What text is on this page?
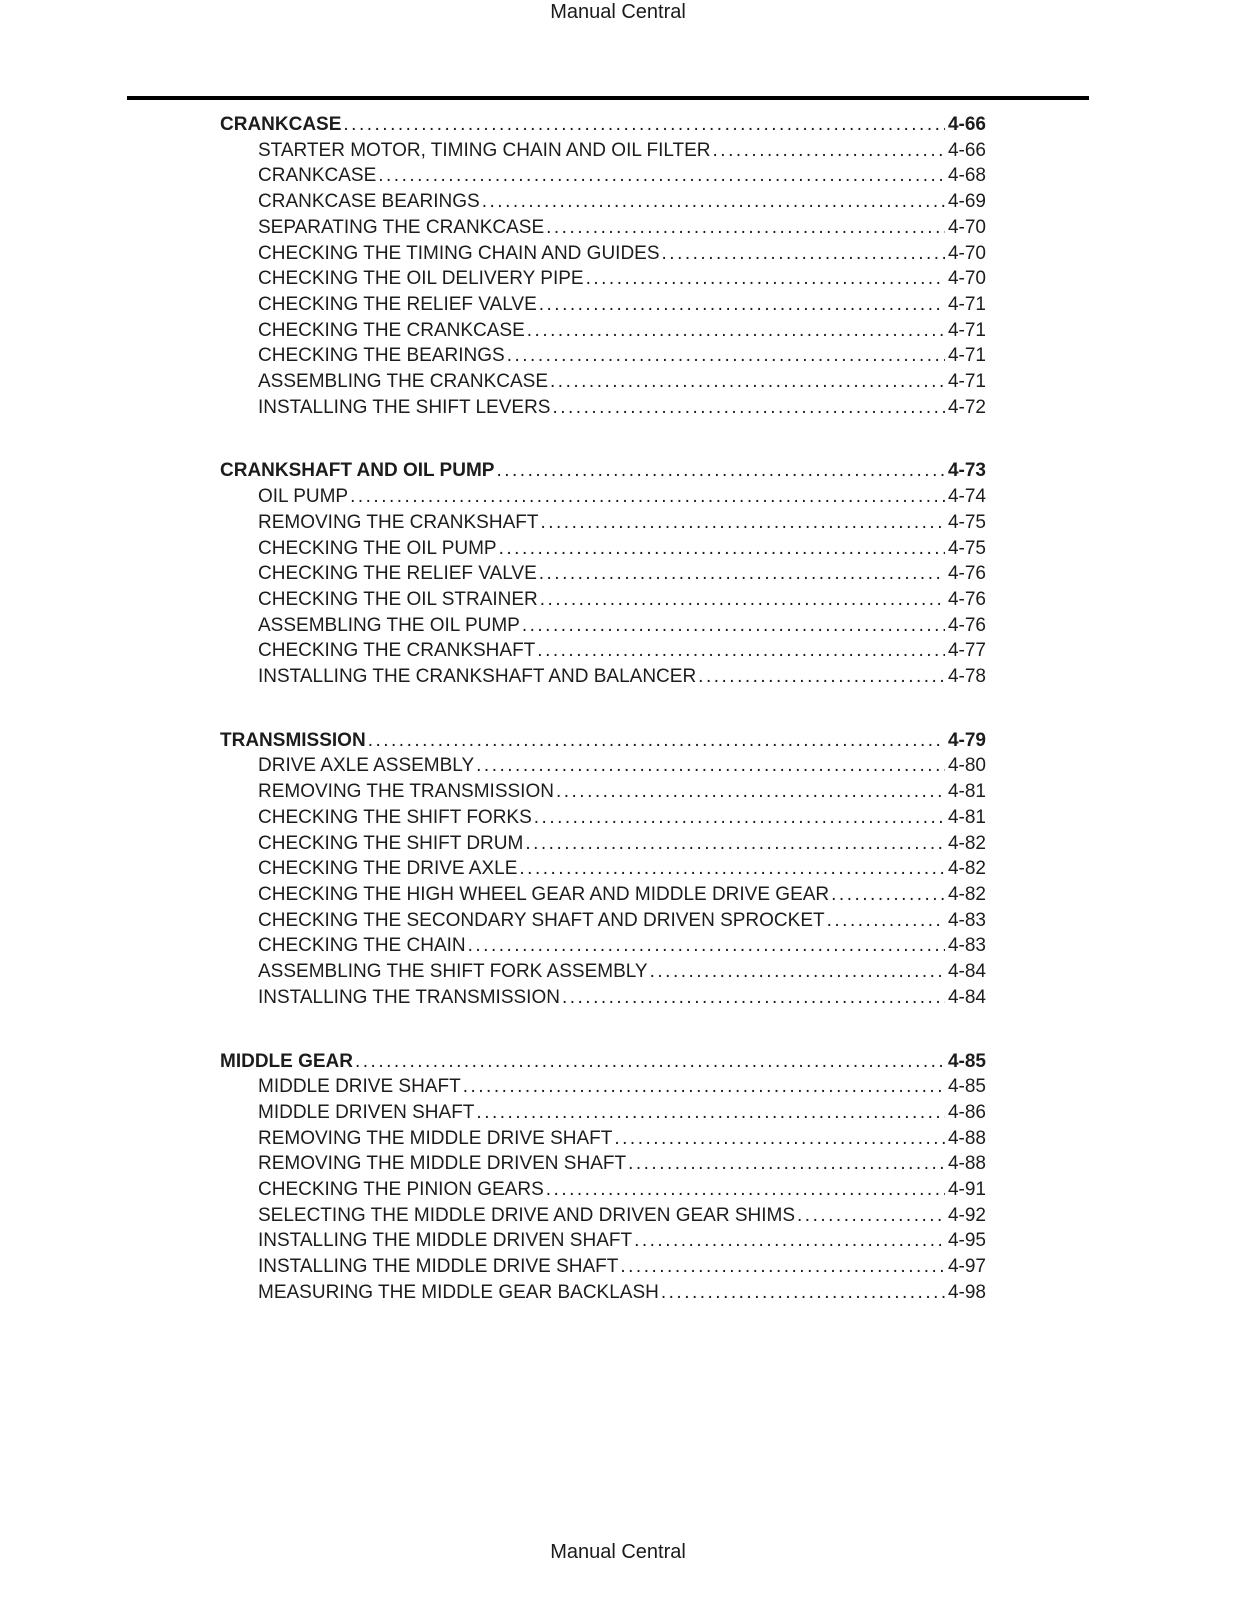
Manual Central
CRANKCASE .....	4-66
STARTER MOTOR, TIMING CHAIN AND OIL FILTER .....	4-66
CRANKCASE .....	4-68
CRANKCASE BEARINGS .....	4-69
SEPARATING THE CRANKCASE .....	4-70
CHECKING THE TIMING CHAIN AND GUIDES .....	4-70
CHECKING THE OIL DELIVERY PIPE .....	4-70
CHECKING THE RELIEF VALVE .....	4-71
CHECKING THE CRANKCASE .....	4-71
CHECKING THE BEARINGS .....	4-71
ASSEMBLING THE CRANKCASE .....	4-71
INSTALLING THE SHIFT LEVERS .....	4-72
CRANKSHAFT AND OIL PUMP .....	4-73
OIL PUMP .....	4-74
REMOVING THE CRANKSHAFT .....	4-75
CHECKING THE OIL PUMP .....	4-75
CHECKING THE RELIEF VALVE .....	4-76
CHECKING THE OIL STRAINER .....	4-76
ASSEMBLING THE OIL PUMP .....	4-76
CHECKING THE CRANKSHAFT .....	4-77
INSTALLING THE CRANKSHAFT AND BALANCER .....	4-78
TRANSMISSION .....	4-79
DRIVE AXLE ASSEMBLY .....	4-80
REMOVING THE TRANSMISSION .....	4-81
CHECKING THE SHIFT FORKS .....	4-81
CHECKING THE SHIFT DRUM .....	4-82
CHECKING THE DRIVE AXLE .....	4-82
CHECKING THE HIGH WHEEL GEAR AND MIDDLE DRIVE GEAR .....	4-82
CHECKING THE SECONDARY SHAFT AND DRIVEN SPROCKET .....	4-83
CHECKING THE CHAIN .....	4-83
ASSEMBLING THE SHIFT FORK ASSEMBLY .....	4-84
INSTALLING THE TRANSMISSION .....	4-84
MIDDLE GEAR .....	4-85
MIDDLE DRIVE SHAFT .....	4-85
MIDDLE DRIVEN SHAFT .....	4-86
REMOVING THE MIDDLE DRIVE SHAFT .....	4-88
REMOVING THE MIDDLE DRIVEN SHAFT .....	4-88
CHECKING THE PINION GEARS .....	4-91
SELECTING THE MIDDLE DRIVE AND DRIVEN GEAR SHIMS .....	4-92
INSTALLING THE MIDDLE DRIVEN SHAFT .....	4-95
INSTALLING THE MIDDLE DRIVE SHAFT .....	4-97
MEASURING THE MIDDLE GEAR BACKLASH .....	4-98
Manual Central
